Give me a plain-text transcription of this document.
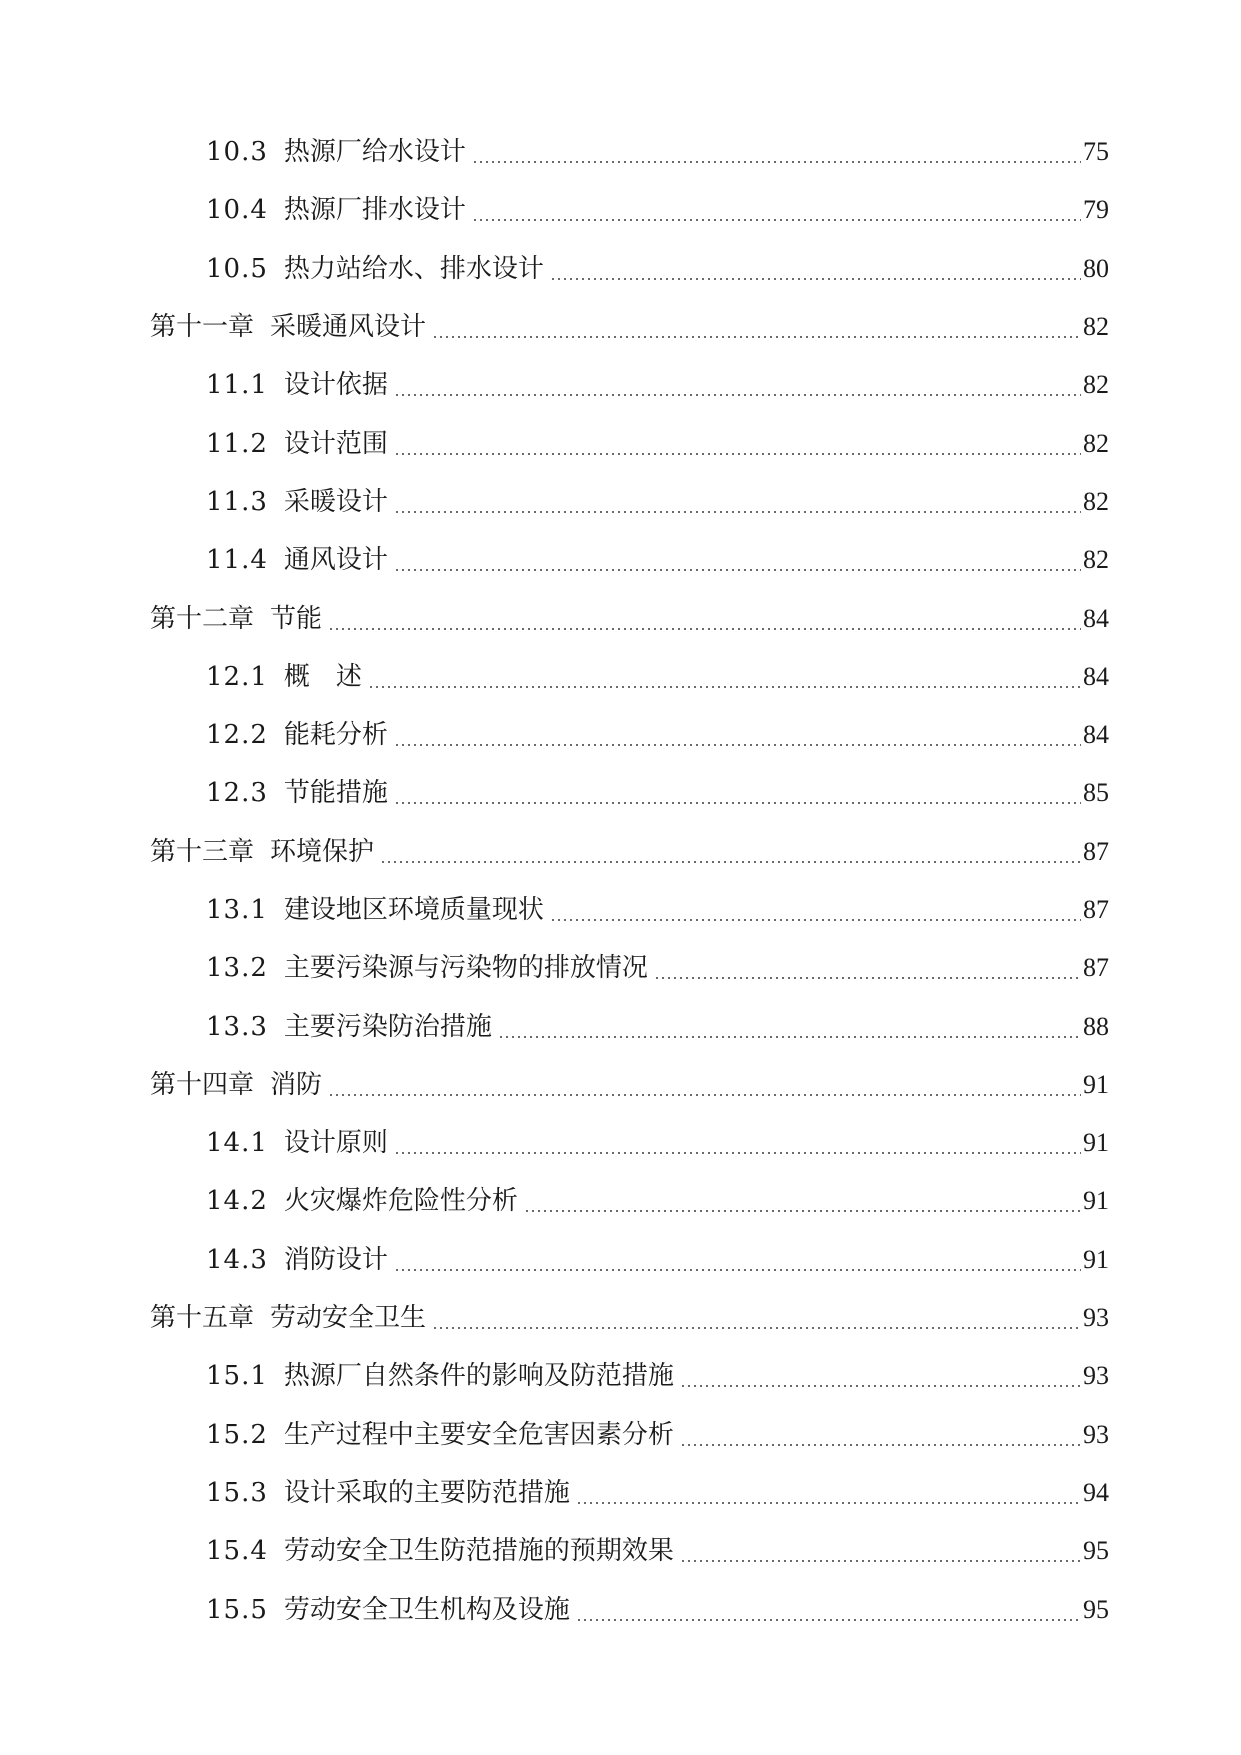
10.3 热源厂给水设计	75
10.4 热源厂排水设计	79
10.5 热力站给水、排水设计	80
第十一章 采暖通风设计	82
11.1 设计依据	82
11.2 设计范围	82
11.3 采暖设计	82
11.4 通风设计	82
第十二章 节能	84
12.1 概　述	84
12.2 能耗分析	84
12.3 节能措施	85
第十三章 环境保护	87
13.1 建设地区环境质量现状	87
13.2 主要污染源与污染物的排放情况	87
13.3 主要污染防治措施	88
第十四章 消防	91
14.1 设计原则	91
14.2 火灾爆炸危险性分析	91
14.3 消防设计	91
第十五章 劳动安全卫生	93
15.1 热源厂自然条件的影响及防范措施	93
15.2 生产过程中主要安全危害因素分析	93
15.3 设计采取的主要防范措施	94
15.4 劳动安全卫生防范措施的预期效果	95
15.5 劳动安全卫生机构及设施	95
